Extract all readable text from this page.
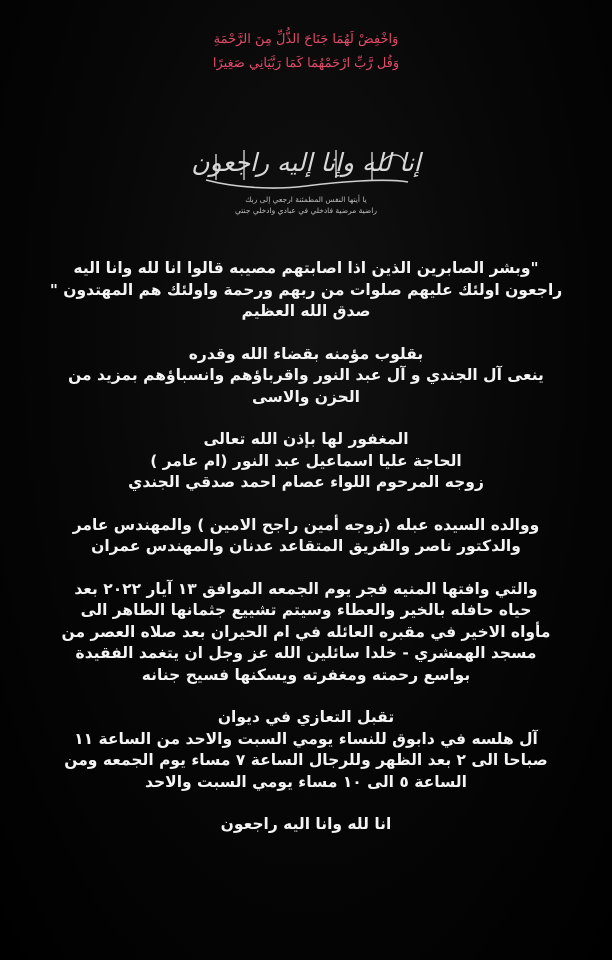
وَاخْفِضْ لَهُمَا جَنَاحَ الذُّلِّ مِنَ الرَّحْمَةِ
وَقُل رَّبِّ ارْحَمْهُمَا كَمَا رَبَّيَانِي صَغِيرًا
إنا لله وإنا إليه راجعون
يا أيتها النفس المطمئنة ارجعي إلى ربك
راضية مرضية فادخلي في عبادي وادخلي جنتي
"وبشر الصابرين الذين اذا اصابتهم مصيبه قالوا انا لله وانا اليه
راجعون اولئك عليهم صلوات من ربهم ورحمة واولئك هم المهتدون "
صدق الله العظيم
بقلوب مؤمنه بقضاء الله وقدره
ينعى آل الجندي و آل عبد النور واقرباؤهم وانسباؤهم بمزيد من
الحزن والاسى
المغفور لها بإذن الله تعالى
الحاجة عليا اسماعيل عبد النور (ام عامر )
زوجه المرحوم اللواء عصام احمد صدقي الجندي
ووالده السيده عبله (زوجه أمين راجح الامين ) والمهندس عامر
والدكتور ناصر والفريق المتقاعد عدنان والمهندس عمران
والتي وافتها المنيه فجر يوم الجمعه الموافق ١٣ آيار ٢٠٢٢ بعد
حياه حافله بالخير والعطاء وسيتم تشييع جثمانها الطاهر الى
مأواه الاخير في مقبره العائله في ام الحيران بعد صلاه العصر من
مسجد الهمشري - خلدا سائلين الله عز وجل ان يتغمد الفقيدة
بواسع رحمته ومغفرته ويسكنها فسيح جنانه
تقبل التعازي في ديوان
آل هلسه في دابوق للنساء يومي السبت والاحد من الساعة ١١
صباحا الى ٢ بعد الظهر وللرجال الساعة ٧ مساء يوم الجمعه ومن
الساعة ٥ الى ١٠ مساء يومي السبت والاحد
انا لله وانا اليه راجعون
